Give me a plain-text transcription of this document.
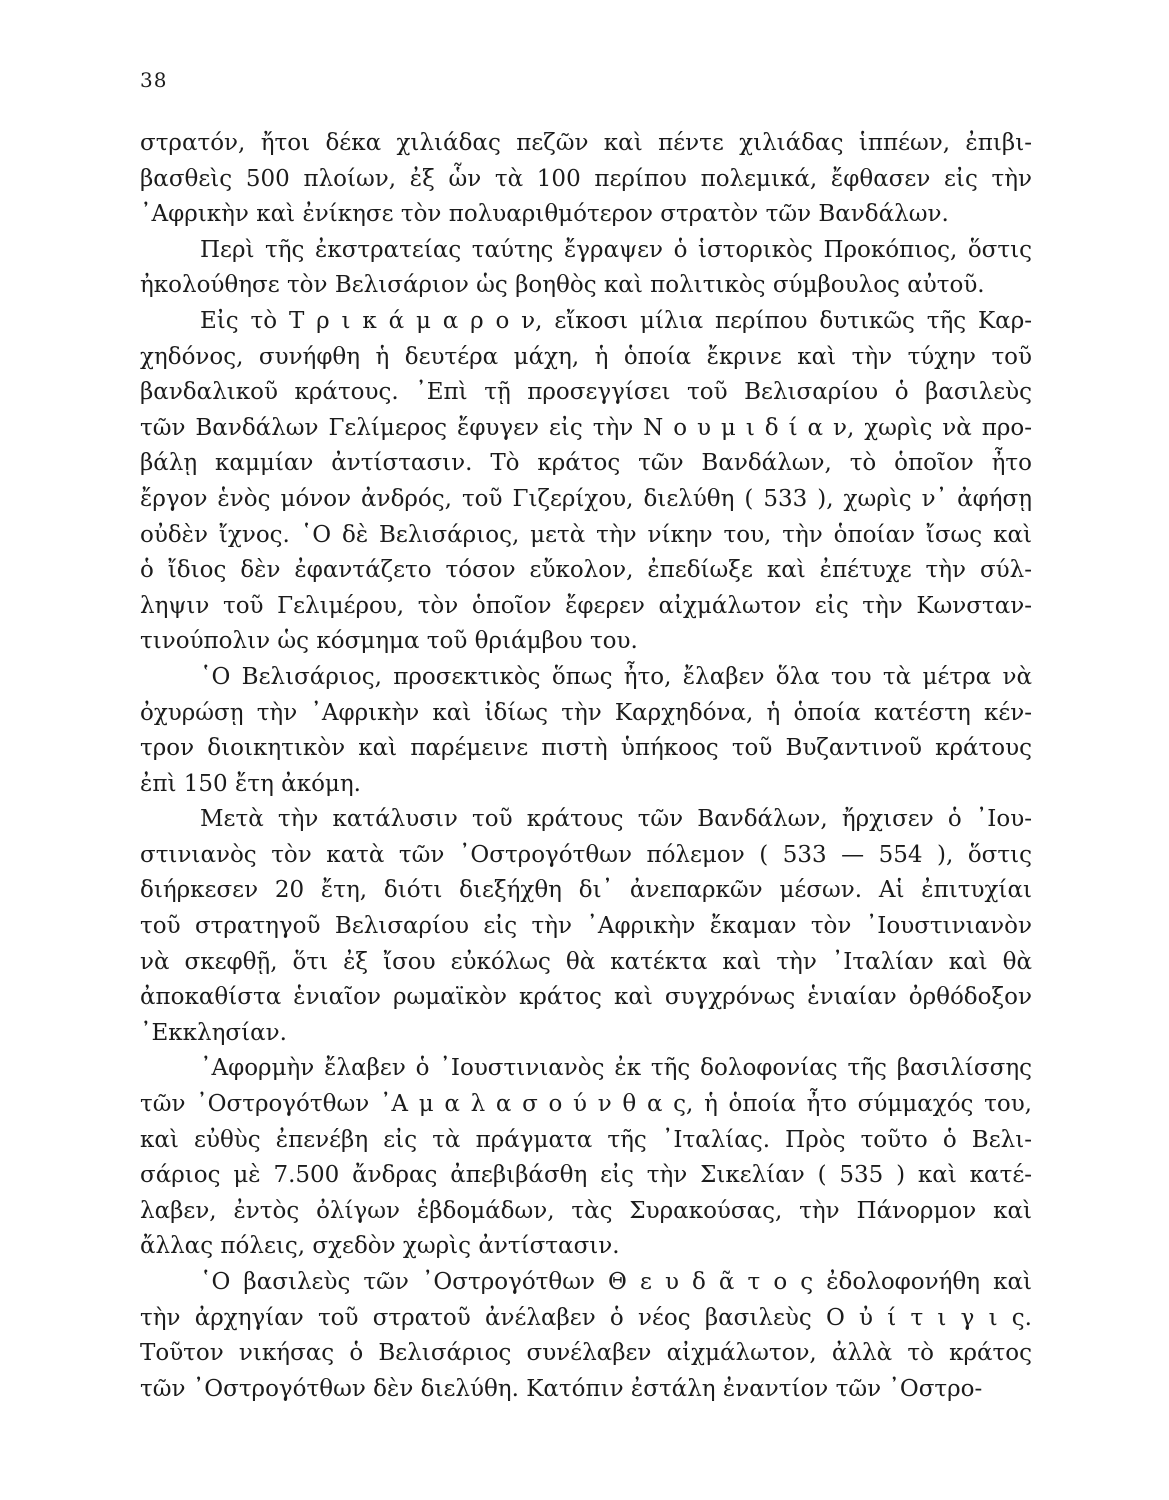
38
στρατόν, ἤτοι δέκα χιλιάδας πεζῶν καὶ πέντε χιλιάδας ἱππέων, ἐπιβι-
βασθεὶς 500 πλοίων, ἐξ ὧν τὰ 100 περίπου πολεμικά, ἔφθασεν εἰς τὴν
᾿Αφρικὴν καὶ ἐνίκησε τὸν πολυαριθμότερον στρατὸν τῶν Βανδάλων.
Περὶ τῆς ἐκστρατείας ταύτης ἔγραψεν ὁ ἱστορικὸς Προκόπιος, ὅστις
ἠκολούθησε τὸν Βελισάριον ὡς βοηθὸς καὶ πολιτικὸς σύμβουλος αὐτοῦ.
Εἰς τὸ Τ ρ ι κ ά μ α ρ ο ν, εἴκοσι μίλια περίπου δυτικῶς τῆς Καρ-
χηδόνος, συνήφθη ἡ δευτέρα μάχη, ἡ ὁποία ἔκρινε καὶ τὴν τύχην τοῦ
βανδαλικοῦ κράτους. ᾿Επὶ τῇ προσεγγίσει τοῦ Βελισαρίου ὁ βασιλεὺς
τῶν Βανδάλων Γελίμερος ἔφυγεν εἰς τὴν Ν ο υ μ ι δ ί α ν, χωρὶς νὰ προ-
βάλῃ καμμίαν ἀντίστασιν. Τὸ κράτος τῶν Βανδάλων, τὸ ὁποῖον ἦτο
ἔργον ἑνὸς μόνον ἀνδρός, τοῦ Γιζερίχου, διελύθη ( 533 ), χωρὶς ν᾿ ἀφήσῃ
οὐδὲν ἴχνος. ῾Ο δὲ Βελισάριος, μετὰ τὴν νίκην του, τὴν ὁποίαν ἴσως καὶ
ὁ ἴδιος δὲν ἐφαντάζετο τόσον εὔκολον, ἐπεδίωξε καὶ ἐπέτυχε τὴν σύλ-
ληψιν τοῦ Γελιμέρου, τὸν ὁποῖον ἔφερεν αἰχμάλωτον εἰς τὴν Κωνσταν-
τινούπολιν ὡς κόσμημα τοῦ θριάμβου του.
῾Ο Βελισάριος, προσεκτικὸς ὅπως ἦτο, ἔλαβεν ὅλα του τὰ μέτρα νὰ
ὀχυρώσῃ τὴν ᾿Αφρικὴν καὶ ἰδίως τὴν Καρχηδόνα, ἡ ὁποία κατέστη κέν-
τρον διοικητικὸν καὶ παρέμεινε πιστὴ ὑπήκοος τοῦ Βυζαντινοῦ κράτους
ἐπὶ 150 ἔτη ἀκόμη.
Μετὰ τὴν κατάλυσιν τοῦ κράτους τῶν Βανδάλων, ἤρχισεν ὁ ᾿Ιου-
στινιανὸς τὸν κατὰ τῶν ᾿Οστρογότθων πόλεμον ( 533 — 554 ), ὅστις
διήρκεσεν 20 ἔτη, διότι διεξήχθη δι᾿ ἀνεπαρκῶν μέσων. Αἱ ἐπιτυχίαι
τοῦ στρατηγοῦ Βελισαρίου εἰς τὴν ᾿Αφρικὴν ἔκαμαν τὸν ᾿Ιουστινιανὸν
νὰ σκεφθῇ, ὅτι ἐξ ἴσου εὐκόλως θὰ κατέκτα καὶ τὴν ᾿Ιταλίαν καὶ θὰ
ἀποκαθίστα ἑνιαῖον ρωμαϊκὸν κράτος καὶ συγχρόνως ἑνιαίαν ὀρθόδοξον
᾿Εκκλησίαν.
᾿Αφορμὴν ἔλαβεν ὁ ᾿Ιουστινιανὸς ἐκ τῆς δολοφονίας τῆς βασιλίσσης
τῶν ᾿Οστρογότθων ᾿Α μ α λ α σ ο ύ ν θ α ς, ἡ ὁποία ἦτο σύμμαχός του,
καὶ εὐθὺς ἐπενέβη εἰς τὰ πράγματα τῆς ᾿Ιταλίας. Πρὸς τοῦτο ὁ Βελι-
σάριος μὲ 7.500 ἄνδρας ἀπεβιβάσθη εἰς τὴν Σικελίαν ( 535 ) καὶ κατέ-
λαβεν, ἐντὸς ὀλίγων ἑβδομάδων, τὰς Συρακούσας, τὴν Πάνορμον καὶ
ἄλλας πόλεις, σχεδὸν χωρὶς ἀντίστασιν.
῾Ο βασιλεὺς τῶν ᾿Οστρογότθων Θ ε υ δ ᾶ τ ο ς ἐδολοφονήθη καὶ
τὴν ἀρχηγίαν τοῦ στρατοῦ ἀνέλαβεν ὁ νέος βασιλεὺς Ο ὐ ί τ ι γ ι ς.
Τοῦτον νικήσας ὁ Βελισάριος συνέλαβεν αἰχμάλωτον, ἀλλὰ τὸ κράτος
τῶν ᾿Οστρογότθων δὲν διελύθη. Κατόπιν ἐστάλη ἐναντίον τῶν ᾿Οστρο-
